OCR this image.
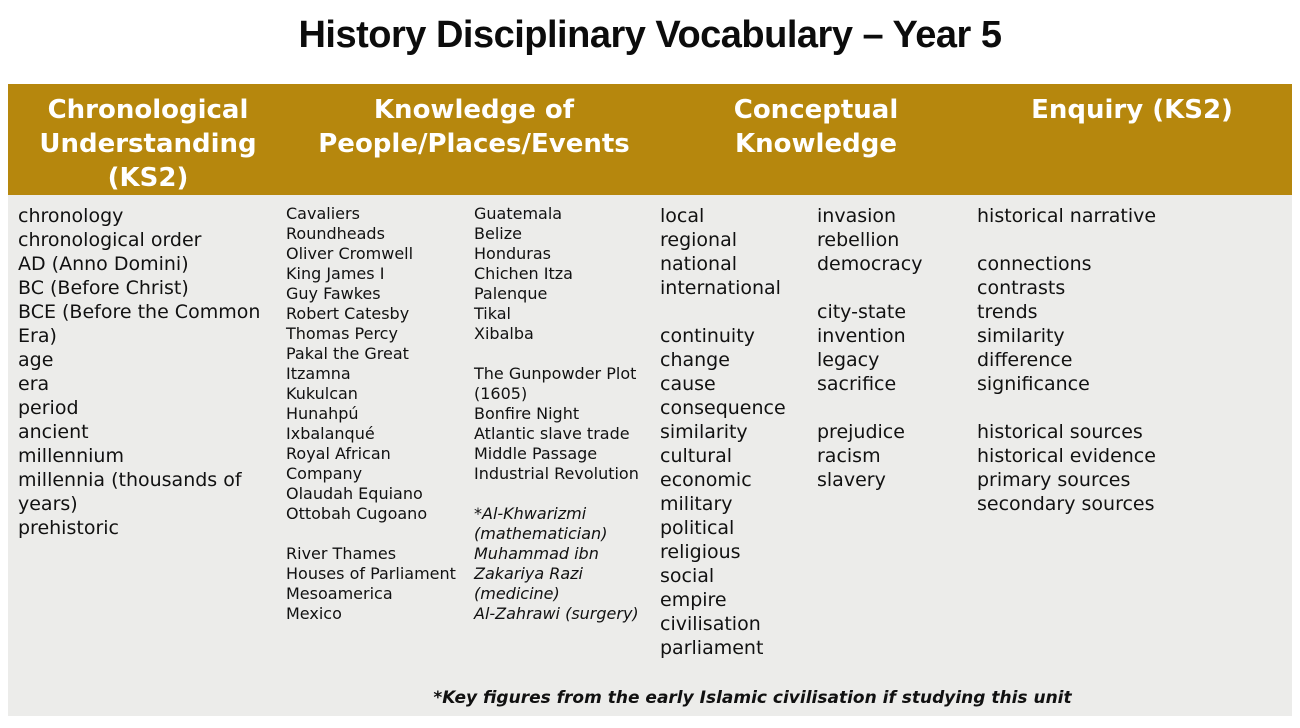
History Disciplinary Vocabulary – Year 5
Chronological Understanding (KS2)
Knowledge of People/Places/Events
Conceptual Knowledge
Enquiry (KS2)
chronology
chronological order
AD (Anno Domini)
BC (Before Christ)
BCE (Before the Common Era)
age
era
period
ancient
millennium
millennia (thousands of years)
prehistoric
Cavaliers
Roundheads
Oliver Cromwell
King James I
Guy Fawkes
Robert Catesby
Thomas Percy
Pakal the Great
Itzamna
Kukulcan
Hunahpú
Ixbalanqué
Royal African Company
Olaudah Equiano
Ottobah Cugoano

River Thames
Houses of Parliament
Mesoamerica
Mexico
Guatemala
Belize
Honduras
Chichen Itza
Palenque
Tikal
Xibalba

The Gunpowder Plot (1605)
Bonfire Night
Atlantic slave trade
Middle Passage
Industrial Revolution
*Al-Khwarizmi (mathematician)
Muhammad ibn Zakariya Razi (medicine)
Al-Zahrawi (surgery)
local
regional
national
international

continuity
change
cause
consequence
similarity
cultural
economic
military
political
religious
social
empire
civilisation
parliament
invasion
rebellion
democracy

city-state
invention
legacy
sacrifice

prejudice
racism
slavery
historical narrative

connections
contrasts
trends
similarity
difference
significance

historical sources
historical evidence
primary sources
secondary sources
*Key figures from the early Islamic civilisation if studying this unit
